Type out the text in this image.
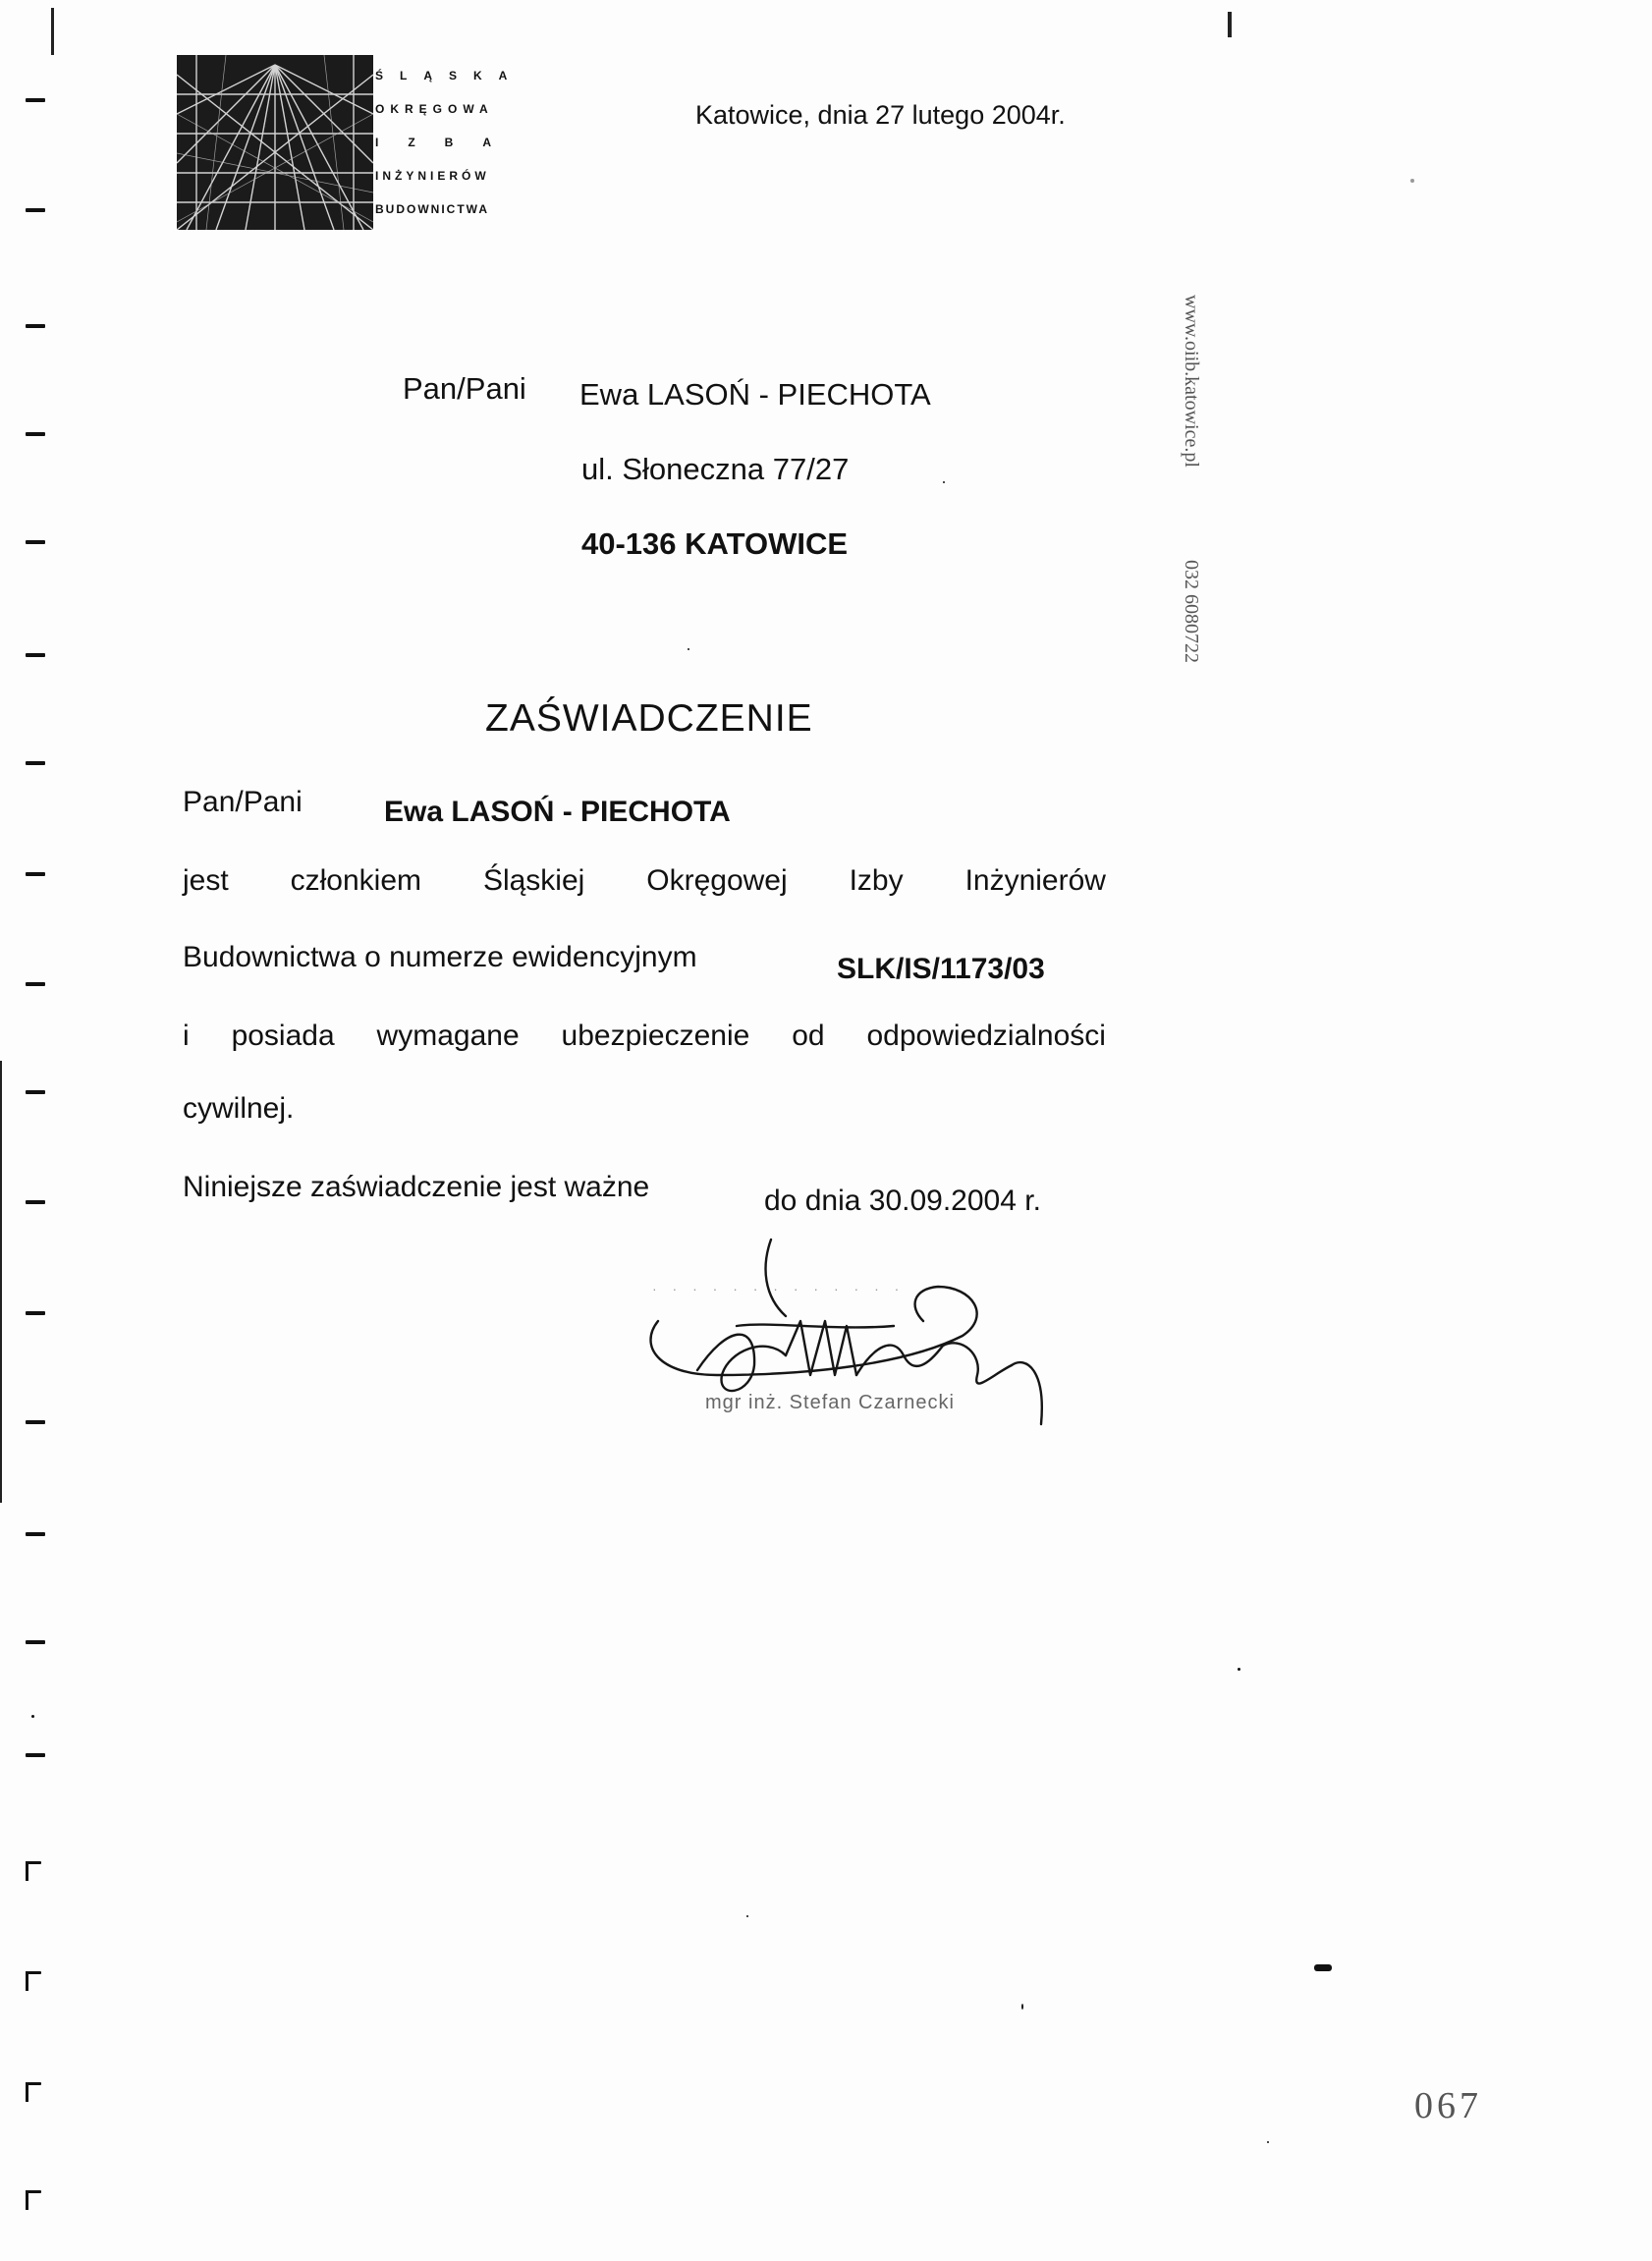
ŚLĄSKA
OKRĘGOWA
IZBA
INŻYNIERÓW
BUDOWNICTWA
Katowice, dnia 27 lutego 2004r.
Pan/Pani Ewa LASOŃ - PIECHOTA
ul. Słoneczna 77/27
40-136 KATOWICE
ZAŚWIADCZENIE
Pan/Pani	Ewa LASOŃ - PIECHOTA
jest członkiem Śląskiej Okręgowej Izby Inżynierów
Budownictwa o numerze ewidencyjnym	SLK/IS/1173/03
i posiada wymagane ubezpieczenie od odpowiedzialności
cywilnej.
Niniejsze zaświadczenie jest ważne	do dnia 30.09.2004 r.
www.oiib.katowice.pl
032 6080722
· · · · · · · · · · · · ·
mgr inż. Stefan Czarnecki
067
